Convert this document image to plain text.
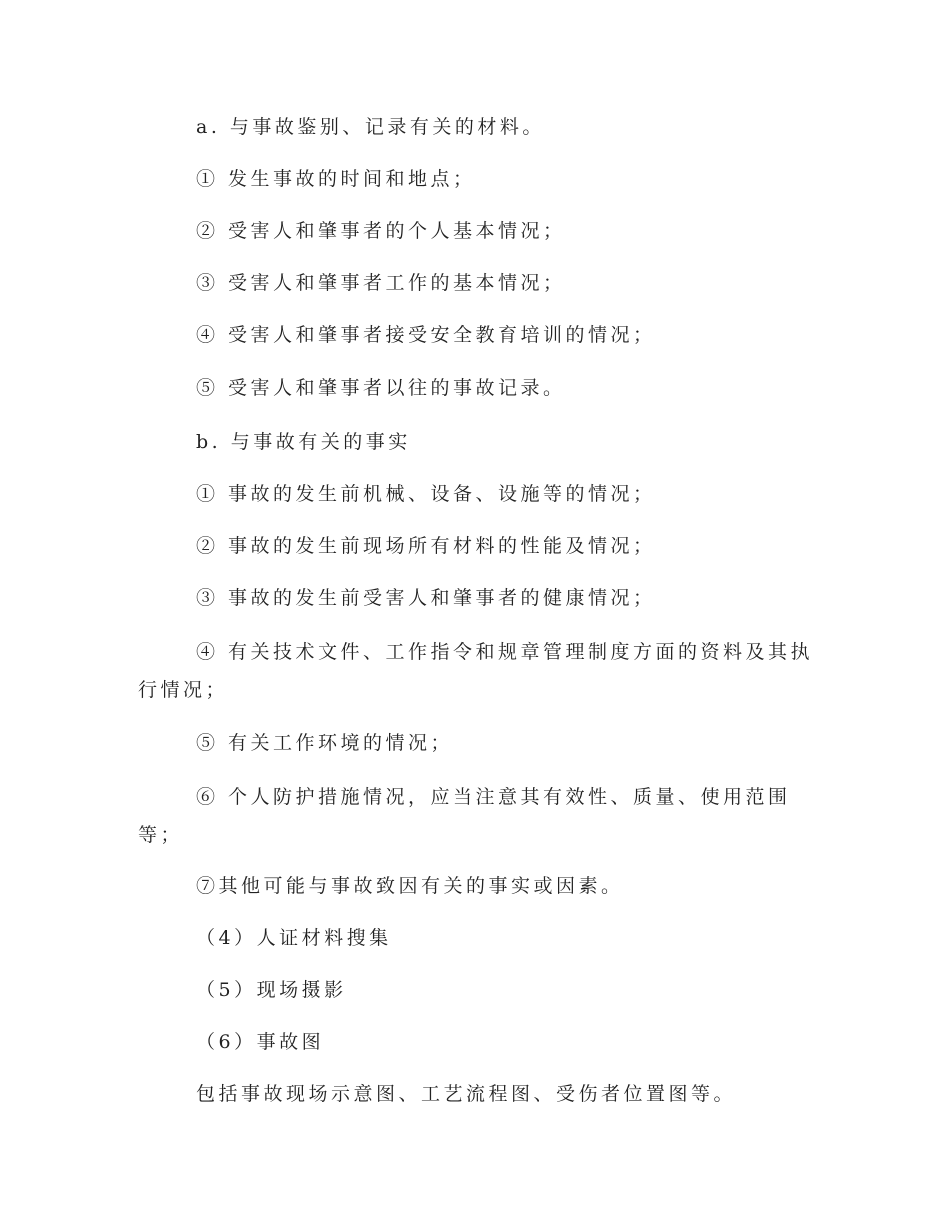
a. 与事故鉴别、记录有关的材料。

① 发生事故的时间和地点；

② 受害人和肇事者的个人基本情况；

③ 受害人和肇事者工作的基本情况；

④ 受害人和肇事者接受安全教育培训的情况；

⑤ 受害人和肇事者以往的事故记录。

b. 与事故有关的事实

① 事故的发生前机械、设备、设施等的情况；

② 事故的发生前现场所有材料的性能及情况；

③ 事故的发生前受害人和肇事者的健康情况；

④ 有关技术文件、工作指令和规章管理制度方面的资料及其执

行情况；

⑤ 有关工作环境的情况；

⑥ 个人防护措施情况，应当注意其有效性、质量、使用范围

等；

⑦其他可能与事故致因有关的事实或因素。

（4）人证材料搜集

（5）现场摄影

（6）事故图

包括事故现场示意图、工艺流程图、受伤者位置图等。
